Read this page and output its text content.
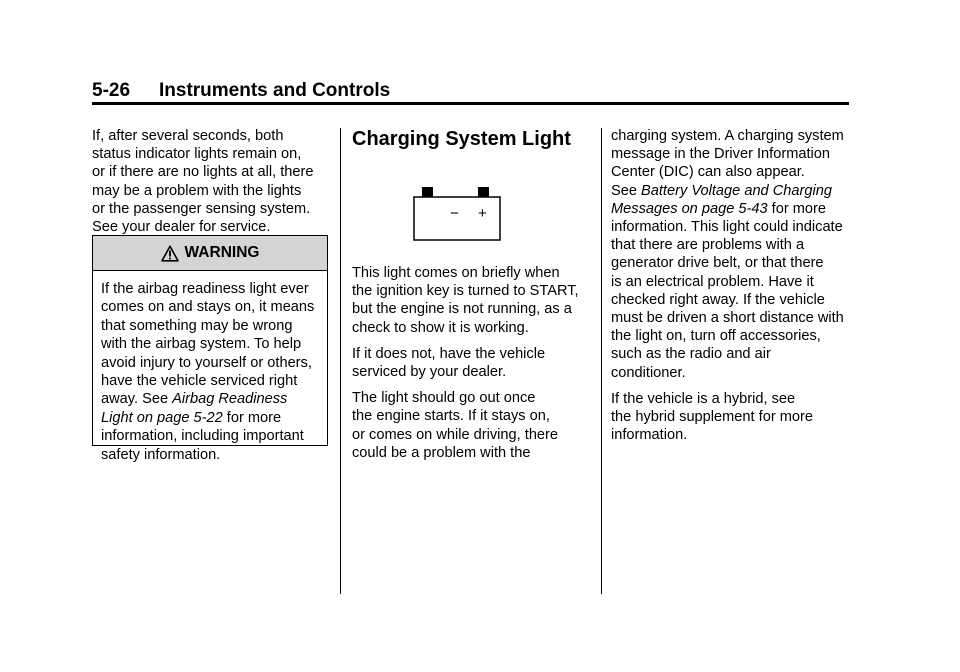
5-26 Instruments and Controls

If, after several seconds, both
status indicator lights remain on,
or if there are no lights at all, there
may be a problem with the lights
or the passenger sensing system.
See your dealer for service.

WARNING
If the airbag readiness light ever
comes on and stays on, it means
that something may be wrong
with the airbag system. To help
avoid injury to yourself or others,
have the vehicle serviced right
away. See Airbag Readiness
Light on page 5-22 for more
information, including important
safety information.
Charging System Light
− +

This light comes on briefly when
the ignition key is turned to START,
but the engine is not running, as a
check to show it is working.

If it does not, have the vehicle
serviced by your dealer.

The light should go out once
the engine starts. If it stays on,
or comes on while driving, there
could be a problem with the

charging system. A charging system
message in the Driver Information
Center (DIC) can also appear.
See Battery Voltage and Charging
Messages on page 5-43 for more
information. This light could indicate
that there are problems with a
generator drive belt, or that there
is an electrical problem. Have it
checked right away. If the vehicle
must be driven a short distance with
the light on, turn off accessories,
such as the radio and air
conditioner.

If the vehicle is a hybrid, see
the hybrid supplement for more
information.
